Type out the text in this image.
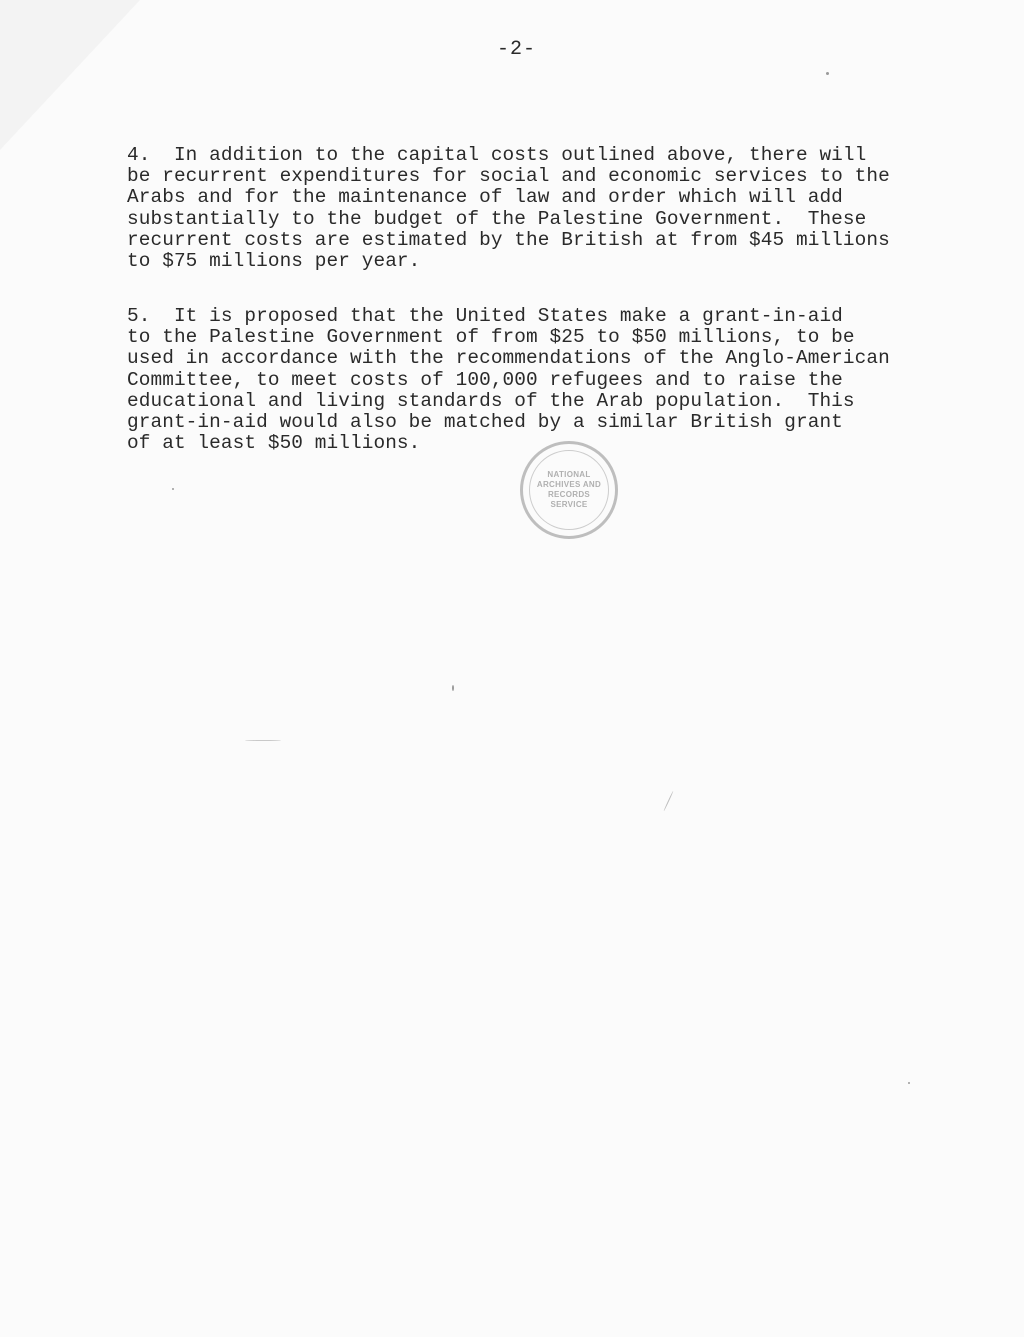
-2-
4.  In addition to the capital costs outlined above, there will
be recurrent expenditures for social and economic services to the
Arabs and for the maintenance of law and order which will add
substantially to the budget of the Palestine Government.  These
recurrent costs are estimated by the British at from $45 millions
to $75 millions per year.
5.  It is proposed that the United States make a grant-in-aid
to the Palestine Government of from $25 to $50 millions, to be
used in accordance with the recommendations of the Anglo-American
Committee, to meet costs of 100,000 refugees and to raise the
educational and living standards of the Arab population.  This
grant-in-aid would also be matched by a similar British grant
of at least $50 millions.
NATIONAL
ARCHIVES AND
RECORDS
SERVICE
